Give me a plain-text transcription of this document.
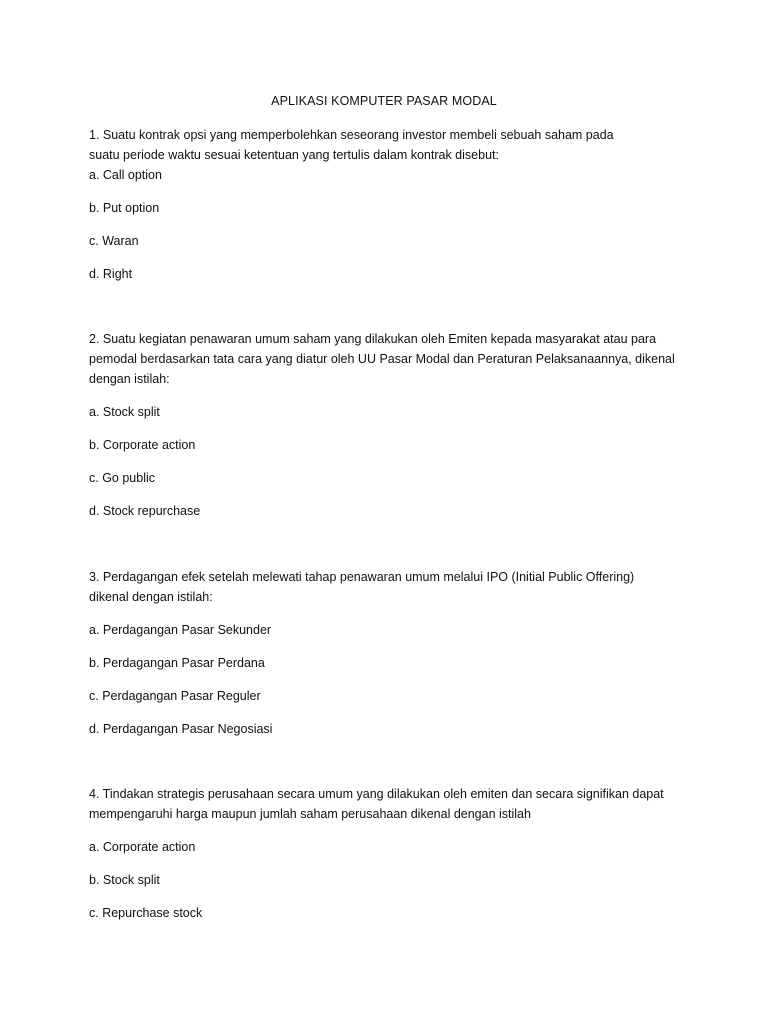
APLIKASI KOMPUTER PASAR MODAL
1. Suatu kontrak opsi yang memperbolehkan seseorang investor membeli sebuah saham pada
suatu periode waktu sesuai ketentuan yang tertulis dalam kontrak disebut:
a. Call option
b. Put option
c. Waran
d. Right
2. Suatu kegiatan penawaran umum saham yang dilakukan oleh Emiten kepada masyarakat atau para
pemodal berdasarkan tata cara yang diatur oleh UU Pasar Modal dan Peraturan Pelaksanaannya, dikenal
dengan istilah:
a. Stock split
b. Corporate action
c. Go public
d. Stock repurchase
3. Perdagangan efek setelah melewati tahap penawaran umum melalui IPO (Initial Public Offering)
dikenal dengan istilah:
a. Perdagangan Pasar Sekunder
b. Perdagangan Pasar Perdana
c. Perdagangan Pasar Reguler
d. Perdagangan Pasar Negosiasi
4. Tindakan strategis perusahaan secara umum yang dilakukan oleh emiten dan secara signifikan dapat
mempengaruhi harga maupun jumlah saham perusahaan dikenal dengan istilah
a. Corporate action
b. Stock split
c. Repurchase stock
